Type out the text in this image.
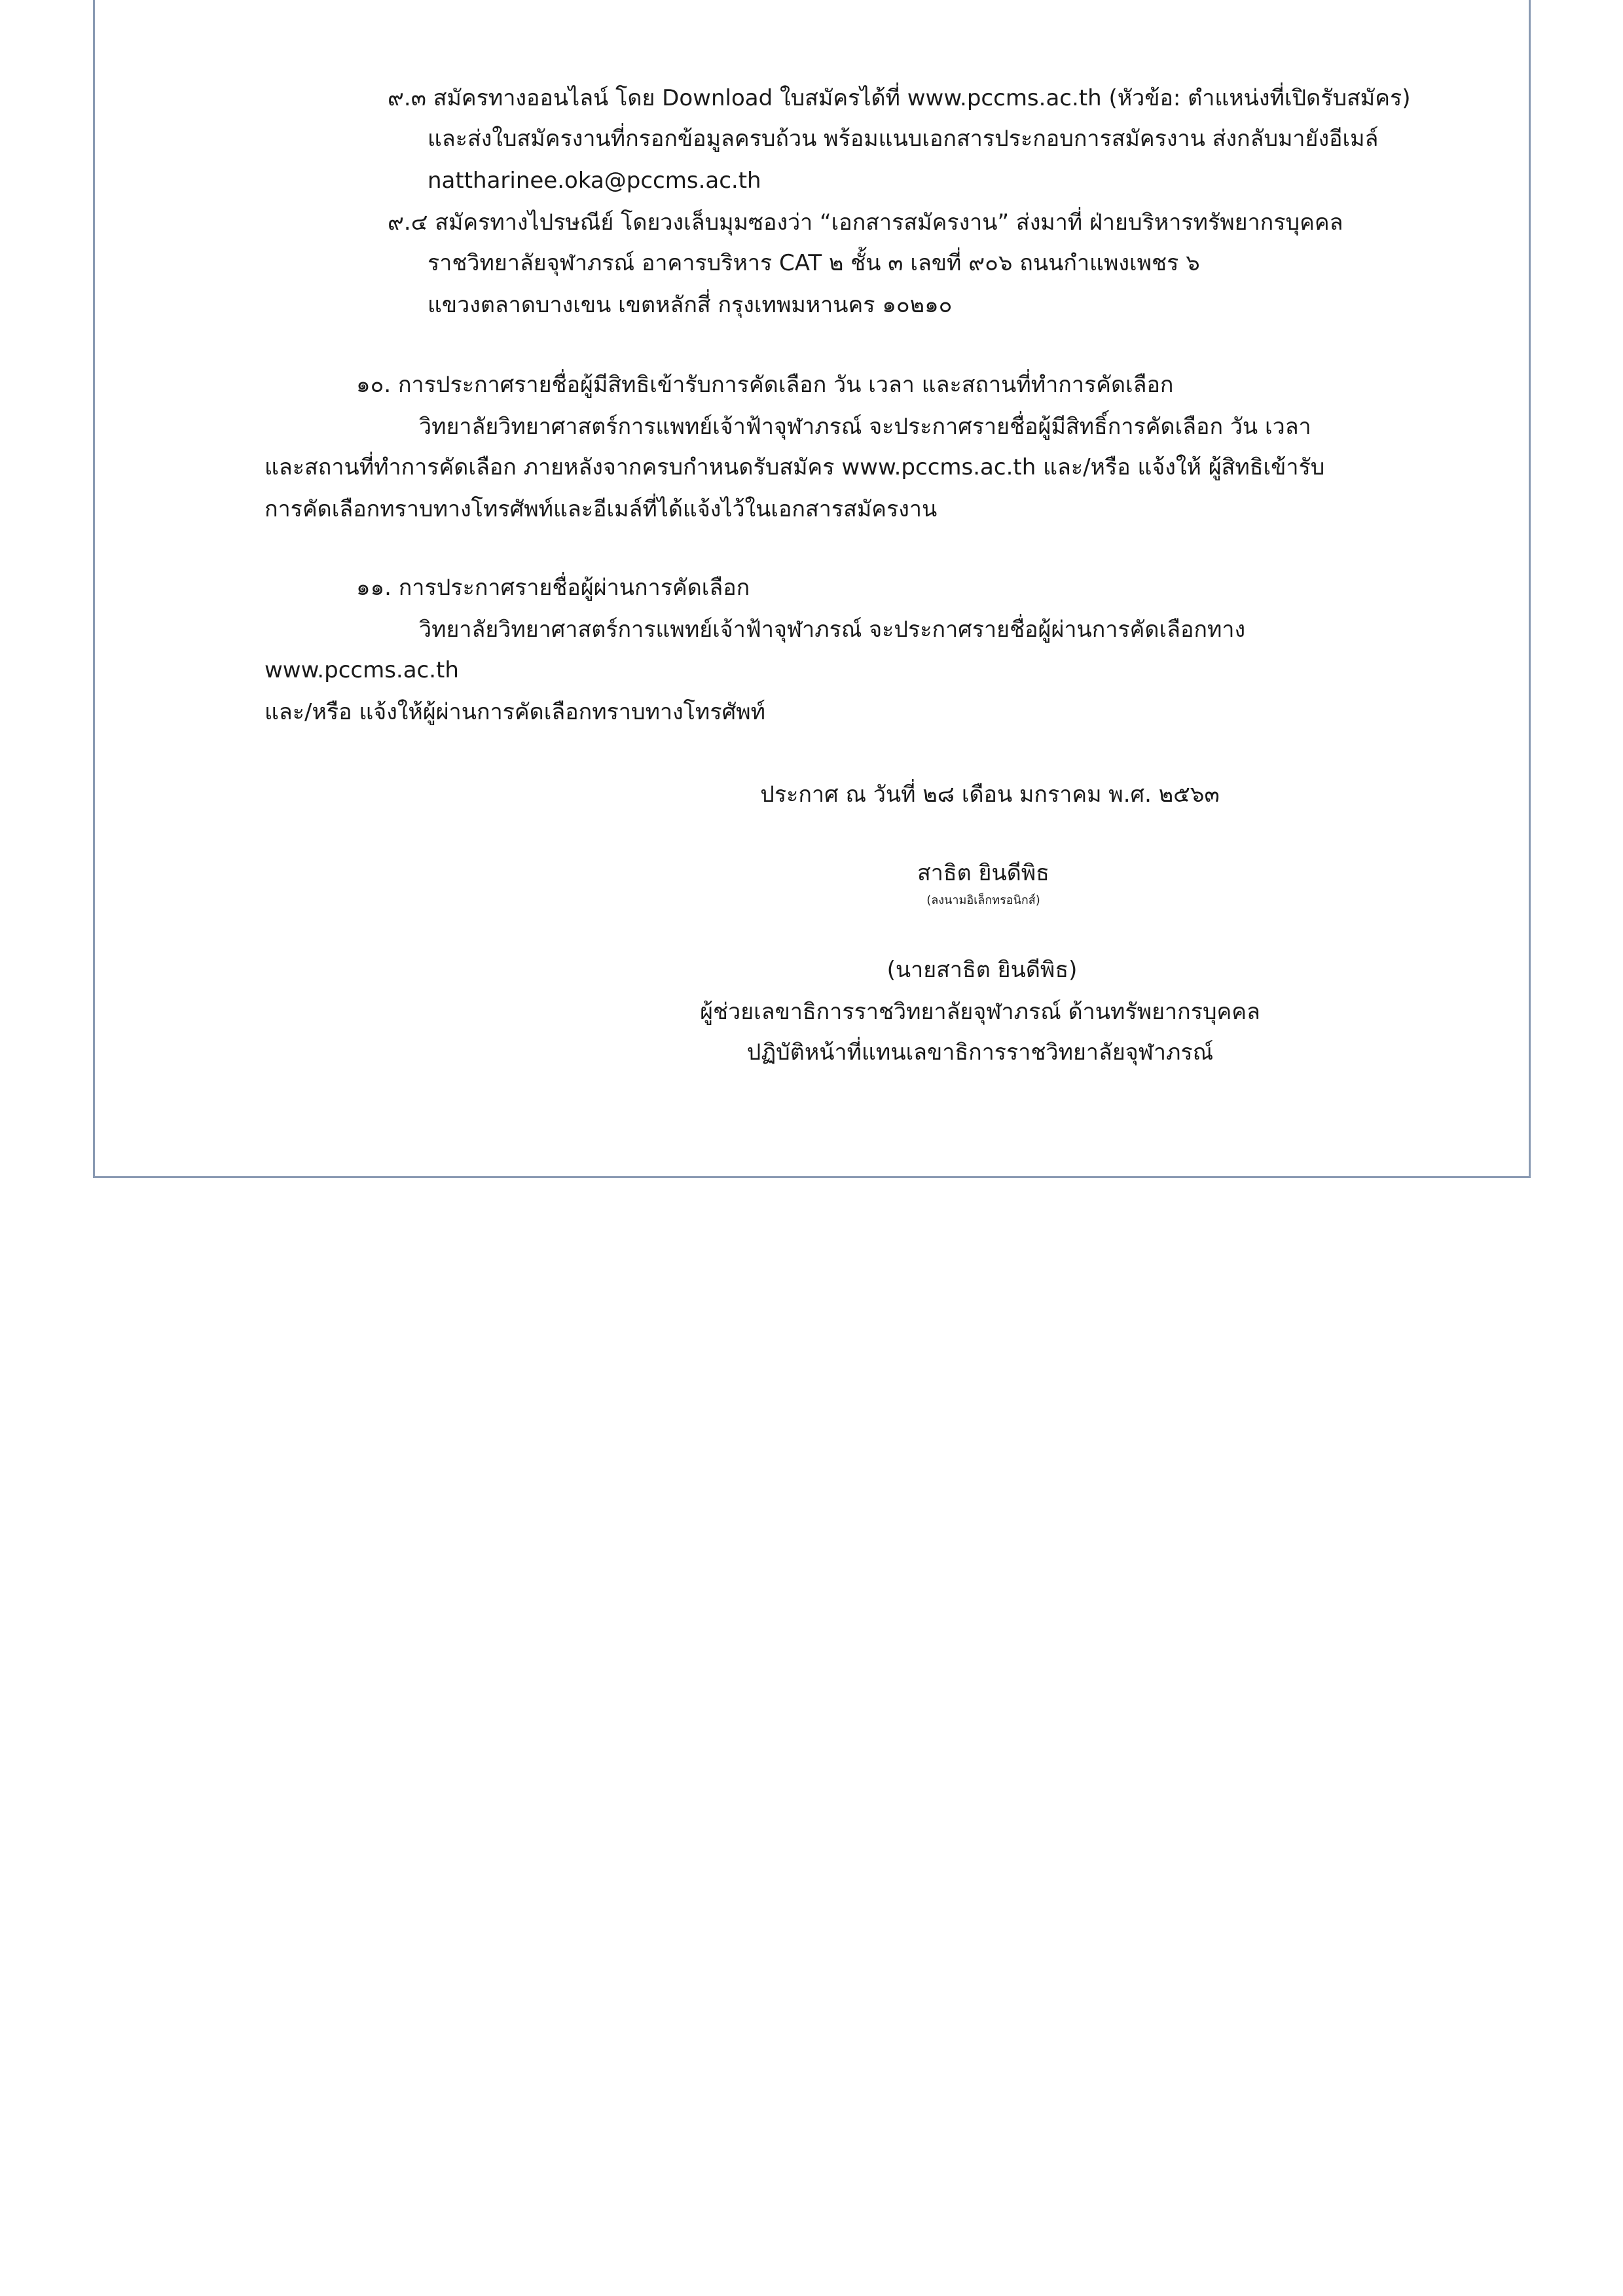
๙.๓ สมัครทางออนไลน์ โดย Download ใบสมัครได้ที่ www.pccms.ac.th (หัวข้อ: ตำแหน่งที่เปิดรับสมัคร)
และส่งใบสมัครงานที่กรอกข้อมูลครบถ้วน พร้อมแนบเอกสารประกอบการสมัครงาน ส่งกลับมายังอีเมล์
nattharinee.oka@pccms.ac.th
๙.๔ สมัครทางไปรษณีย์ โดยวงเล็บมุมซองว่า “เอกสารสมัครงาน” ส่งมาที่ ฝ่ายบริหารทรัพยากรบุคคล
ราชวิทยาลัยจุฬาภรณ์ อาคารบริหาร CAT ๒ ชั้น ๓ เลขที่ ๙๐๖ ถนนกำแพงเพชร ๖
แขวงตลาดบางเขน เขตหลักสี่ กรุงเทพมหานคร ๑๐๒๑๐
๑๐. การประกาศรายชื่อผู้มีสิทธิเข้ารับการคัดเลือก วัน เวลา และสถานที่ทำการคัดเลือก
วิทยาลัยวิทยาศาสตร์การแพทย์เจ้าฟ้าจุฬาภรณ์ จะประกาศรายชื่อผู้มีสิทธิ์การคัดเลือก วัน เวลา
และสถานที่ทำการคัดเลือก ภายหลังจากครบกำหนดรับสมัคร www.pccms.ac.th และ/หรือ แจ้งให้ ผู้สิทธิเข้ารับ
การคัดเลือกทราบทางโทรศัพท์และอีเมล์ที่ได้แจ้งไว้ในเอกสารสมัครงาน
๑๑. การประกาศรายชื่อผู้ผ่านการคัดเลือก
วิทยาลัยวิทยาศาสตร์การแพทย์เจ้าฟ้าจุฬาภรณ์ จะประกาศรายชื่อผู้ผ่านการคัดเลือกทาง
www.pccms.ac.th
และ/หรือ แจ้งให้ผู้ผ่านการคัดเลือกทราบทางโทรศัพท์
ประกาศ ณ วันที่ ๒๘ เดือน มกราคม พ.ศ. ๒๕๖๓
สาธิต ยินดีพิธ
(ลงนามอิเล็กทรอนิกส์)
(นายสาธิต ยินดีพิธ)
ผู้ช่วยเลขาธิการราชวิทยาลัยจุฬาภรณ์ ด้านทรัพยากรบุคคล
ปฏิบัติหน้าที่แทนเลขาธิการราชวิทยาลัยจุฬาภรณ์
